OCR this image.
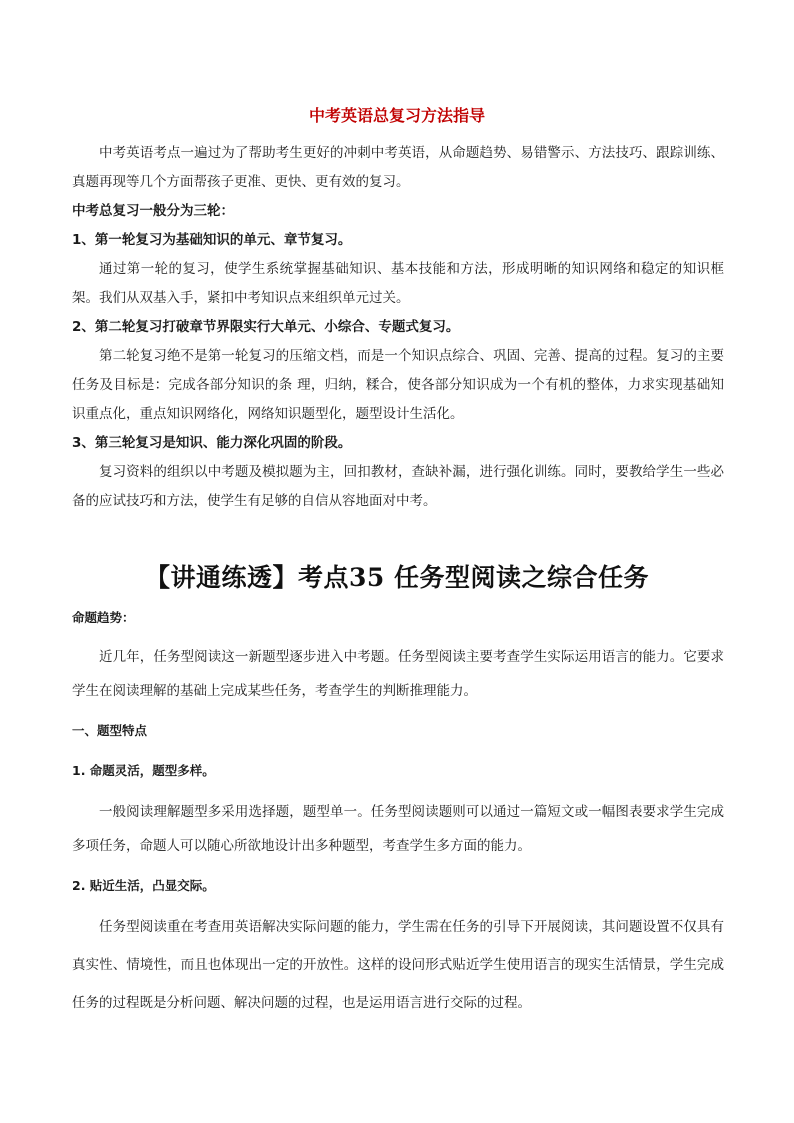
中考英语总复习方法指导

中考英语考点一遍过为了帮助考生更好的冲刺中考英语，从命题趋势、易错警示、方法技巧、跟踪训练、真题再现等几个方面帮孩子更准、更快、更有效的复习。

中考总复习一般分为三轮：

1、第一轮复习为基础知识的单元、章节复习。

通过第一轮的复习，使学生系统掌握基础知识、基本技能和方法，形成明晰的知识网络和稳定的知识框架。我们从双基入手，紧扣中考知识点来组织单元过关。

2、第二轮复习打破章节界限实行大单元、小综合、专题式复习。

第二轮复习绝不是第一轮复习的压缩文档，而是一个知识点综合、巩固、完善、提高的过程。复习的主要任务及目标是：完成各部分知识的条 理，归纳，糅合，使各部分知识成为一个有机的整体，力求实现基础知识重点化，重点知识网络化，网络知识题型化，题型设计生活化。

3、第三轮复习是知识、能力深化巩固的阶段。

复习资料的组织以中考题及模拟题为主，回扣教材，查缺补漏，进行强化训练。同时，要教给学生一些必备的应试技巧和方法，使学生有足够的自信从容地面对中考。

【讲通练透】考点35 任务型阅读之综合任务

命题趋势：

近几年，任务型阅读这一新题型逐步进入中考题。任务型阅读主要考查学生实际运用语言的能力。它要求学生在阅读理解的基础上完成某些任务，考查学生的判断推理能力。

一、题型特点

1. 命题灵活，题型多样。

一般阅读理解题型多采用选择题，题型单一。任务型阅读题则可以通过一篇短文或一幅图表要求学生完成多项任务，命题人可以随心所欲地设计出多种题型，考查学生多方面的能力。

2. 贴近生活，凸显交际。

任务型阅读重在考查用英语解决实际问题的能力，学生需在任务的引导下开展阅读，其问题设置不仅具有真实性、情境性，而且也体现出一定的开放性。这样的设问形式贴近学生使用语言的现实生活情景，学生完成任务的过程既是分析问题、解决问题的过程，也是运用语言进行交际的过程。
